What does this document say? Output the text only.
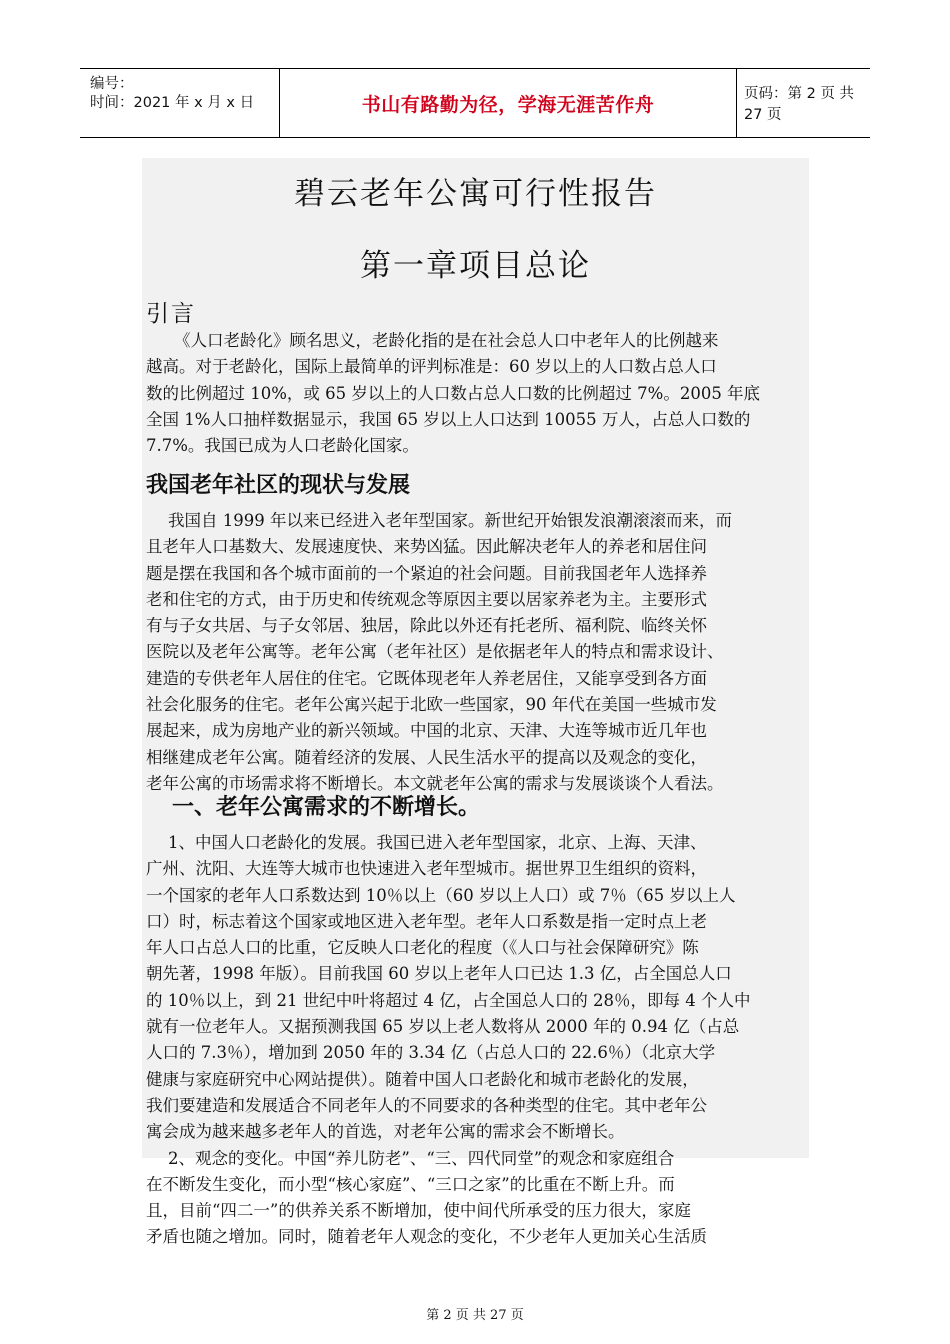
编号：
时间：2021 年 x 月 x 日	书山有路勤为径，学海无涯苦作舟	页码：第 2 页 共 27 页
碧云老年公寓可行性报告
第一章项目总论
引言
《人口老龄化》顾名思义，老龄化指的是在社会总人口中老年人的比例越来
越高。对于老龄化，国际上最简单的评判标准是：60 岁以上的人口数占总人口
数的比例超过 10%，或 65 岁以上的人口数占总人口数的比例超过 7%。2005 年底
全国 1%人口抽样数据显示，我国 65 岁以上人口达到 10055 万人，占总人口数的
7.7%。我国已成为人口老龄化国家。
我国老年社区的现状与发展
我国自 1999 年以来已经进入老年型国家。新世纪开始银发浪潮滚滚而来，而
且老年人口基数大、发展速度快、来势凶猛。因此解决老年人的养老和居住问
题是摆在我国和各个城市面前的一个紧迫的社会问题。目前我国老年人选择养
老和住宅的方式，由于历史和传统观念等原因主要以居家养老为主。主要形式
有与子女共居、与子女邻居、独居，除此以外还有托老所、福利院、临终关怀
医院以及老年公寓等。老年公寓（老年社区）是依据老年人的特点和需求设计、
建造的专供老年人居住的住宅。它既体现老年人养老居住，又能享受到各方面
社会化服务的住宅。老年公寓兴起于北欧一些国家，90 年代在美国一些城市发
展起来，成为房地产业的新兴领域。中国的北京、天津、大连等城市近几年也
相继建成老年公寓。随着经济的发展、人民生活水平的提高以及观念的变化，
老年公寓的市场需求将不断增长。本文就老年公寓的需求与发展谈谈个人看法。
一、老年公寓需求的不断增长。
1、中国人口老龄化的发展。我国已进入老年型国家，北京、上海、天津、
广州、沈阳、大连等大城市也快速进入老年型城市。据世界卫生组织的资料，
一个国家的老年人口系数达到 10％以上（60 岁以上人口）或 7％（65 岁以上人
口）时，标志着这个国家或地区进入老年型。老年人口系数是指一定时点上老
年人口占总人口的比重，它反映人口老化的程度（《人口与社会保障研究》陈
朝先著，1998 年版）。目前我国 60 岁以上老年人口已达 1.3 亿，占全国总人口
的 10％以上，到 21 世纪中叶将超过 4 亿，占全国总人口的 28％，即每 4 个人中
就有一位老年人。又据预测我国 65 岁以上老人数将从 2000 年的 0.94 亿（占总
人口的 7.3％），增加到 2050 年的 3.34 亿（占总人口的 22.6％）（北京大学
健康与家庭研究中心网站提供）。随着中国人口老龄化和城市老龄化的发展，
我们要建造和发展适合不同老年人的不同要求的各种类型的住宅。其中老年公
寓会成为越来越多老年人的首选，对老年公寓的需求会不断增长。
2、观念的变化。中国“养儿防老”、“三、四代同堂”的观念和家庭组合
在不断发生变化，而小型“核心家庭”、“三口之家”的比重在不断上升。而
且，目前“四二一”的供养关系不断增加，使中间代所承受的压力很大，家庭
矛盾也随之增加。同时，随着老年人观念的变化，不少老年人更加关心生活质
第 2 页 共 27 页
